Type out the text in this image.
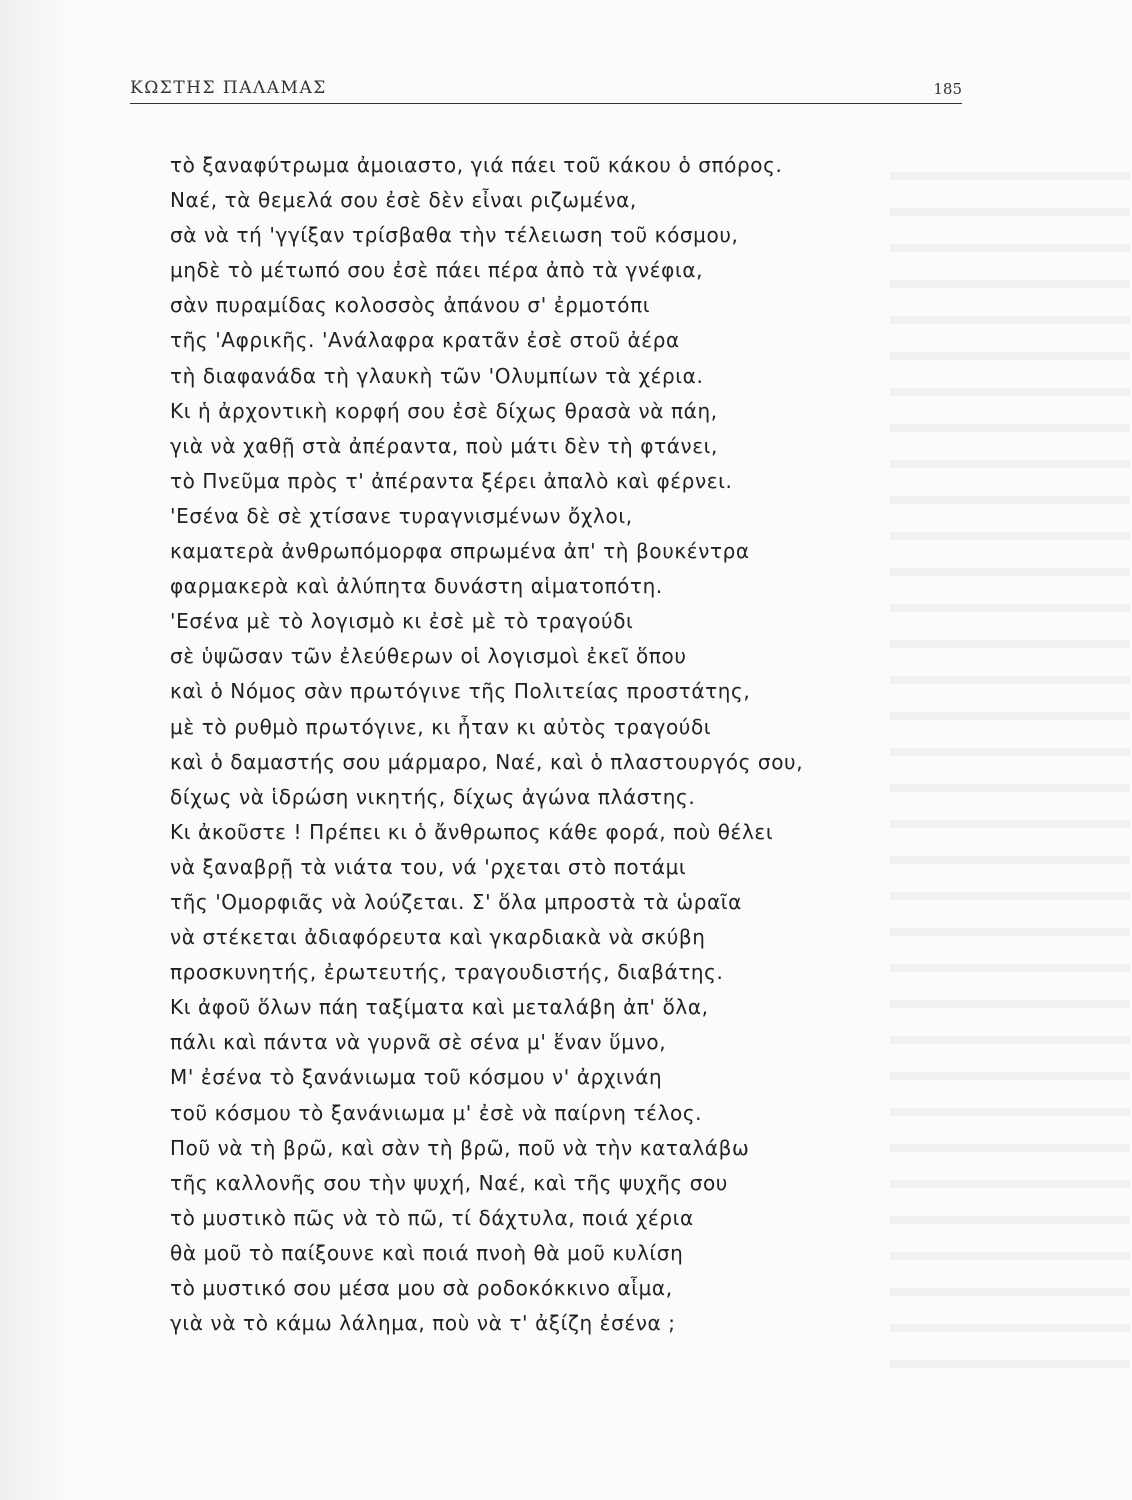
ΚΩΣΤΗΣ ΠΑΛΑΜΑΣ	185
τὸ ξαναφύτρωμα ἀμοιαστο, γιά πάει τοῦ κάκου ὁ σπόρος.
Ναέ, τὰ θεμελά σου ἐσὲ δὲν εἶναι ριζωμένα,
σὰ νὰ τή 'γγίξαν τρίσβαθα τὴν τέλειωση τοῦ κόσμου,
μηδὲ τὸ μέτωπό σου ἐσὲ πάει πέρα ἀπὸ τὰ γνέφια,
σὰν πυραμίδας κολοσσὸς ἀπάνου σ' ἐρμοτόπι
τῆς 'Αφρικῆς. 'Ανάλαφρα κρατᾶν ἐσὲ στοῦ ἀέρα
τὴ διαφανάδα τὴ γλαυκὴ τῶν 'Ολυμπίων τὰ χέρια.
Κι ἡ ἀρχοντικὴ κορφή σου ἐσὲ δίχως θρασὰ νὰ πάη,
γιὰ νὰ χαθῇ στὰ ἀπέραντα, ποὺ μάτι δὲν τὴ φτάνει,
τὸ Πνεῦμα πρὸς τ' ἀπέραντα ξέρει ἀπαλὸ καὶ φέρνει.
'Εσένα δὲ σὲ χτίσανε τυραγνισμένων ὄχλοι,
καματερὰ ἀνθρωπόμορφα σπρωμένα ἀπ' τὴ βουκέντρα
φαρμακερὰ καὶ ἀλύπητα δυνάστη αἱματοπότη.
'Εσένα μὲ τὸ λογισμὸ κι ἐσὲ μὲ τὸ τραγούδι
σὲ ὑψῶσαν τῶν ἐλεύθερων οἱ λογισμοὶ ἐκεῖ ὅπου
καὶ ὁ Νόμος σὰν πρωτόγινε τῆς Πολιτείας προστάτης,
μὲ τὸ ρυθμὸ πρωτόγινε, κι ἦταν κι αὐτὸς τραγούδι
καὶ ὁ δαμαστής σου μάρμαρο, Ναέ, καὶ ὁ πλαστουργός σου,
δίχως νὰ ἱδρώση νικητής, δίχως ἀγώνα πλάστης.
Κι ἀκοῦστε ! Πρέπει κι ὁ ἄνθρωπος κάθε φορά, ποὺ θέλει
νὰ ξαναβρῇ τὰ νιάτα του, νά 'ρχεται στὸ ποτάμι
τῆς 'Ομορφιᾶς νὰ λούζεται. Σ' ὅλα μπροστὰ τὰ ὡραῖα
νὰ στέκεται ἀδιαφόρευτα καὶ γκαρδιακὰ νὰ σκύβη
προσκυνητής, ἐρωτευτής, τραγουδιστής, διαβάτης.
Κι ἀφοῦ ὅλων πάη ταξίματα καὶ μεταλάβη ἀπ' ὅλα,
πάλι καὶ πάντα νὰ γυρνᾶ σὲ σένα μ' ἕναν ὕμνο,
Μ' ἐσένα τὸ ξανάνιωμα τοῦ κόσμου ν' ἀρχινάη
τοῦ κόσμου τὸ ξανάνιωμα μ' ἐσὲ νὰ παίρνη τέλος.
Ποῦ νὰ τὴ βρῶ, καὶ σὰν τὴ βρῶ, ποῦ νὰ τὴν καταλάβω
τῆς καλλονῆς σου τὴν ψυχή, Ναέ, καὶ τῆς ψυχῆς σου
τὸ μυστικὸ πῶς νὰ τὸ πῶ, τί δάχτυλα, ποιά χέρια
θὰ μοῦ τὸ παίξουνε καὶ ποιά πνοὴ θὰ μοῦ κυλίση
τὸ μυστικό σου μέσα μου σὰ ροδοκόκκινο αἷμα,
γιὰ νὰ τὸ κάμω λάλημα, ποὺ νὰ τ' ἀξίζη ἐσένα ;
